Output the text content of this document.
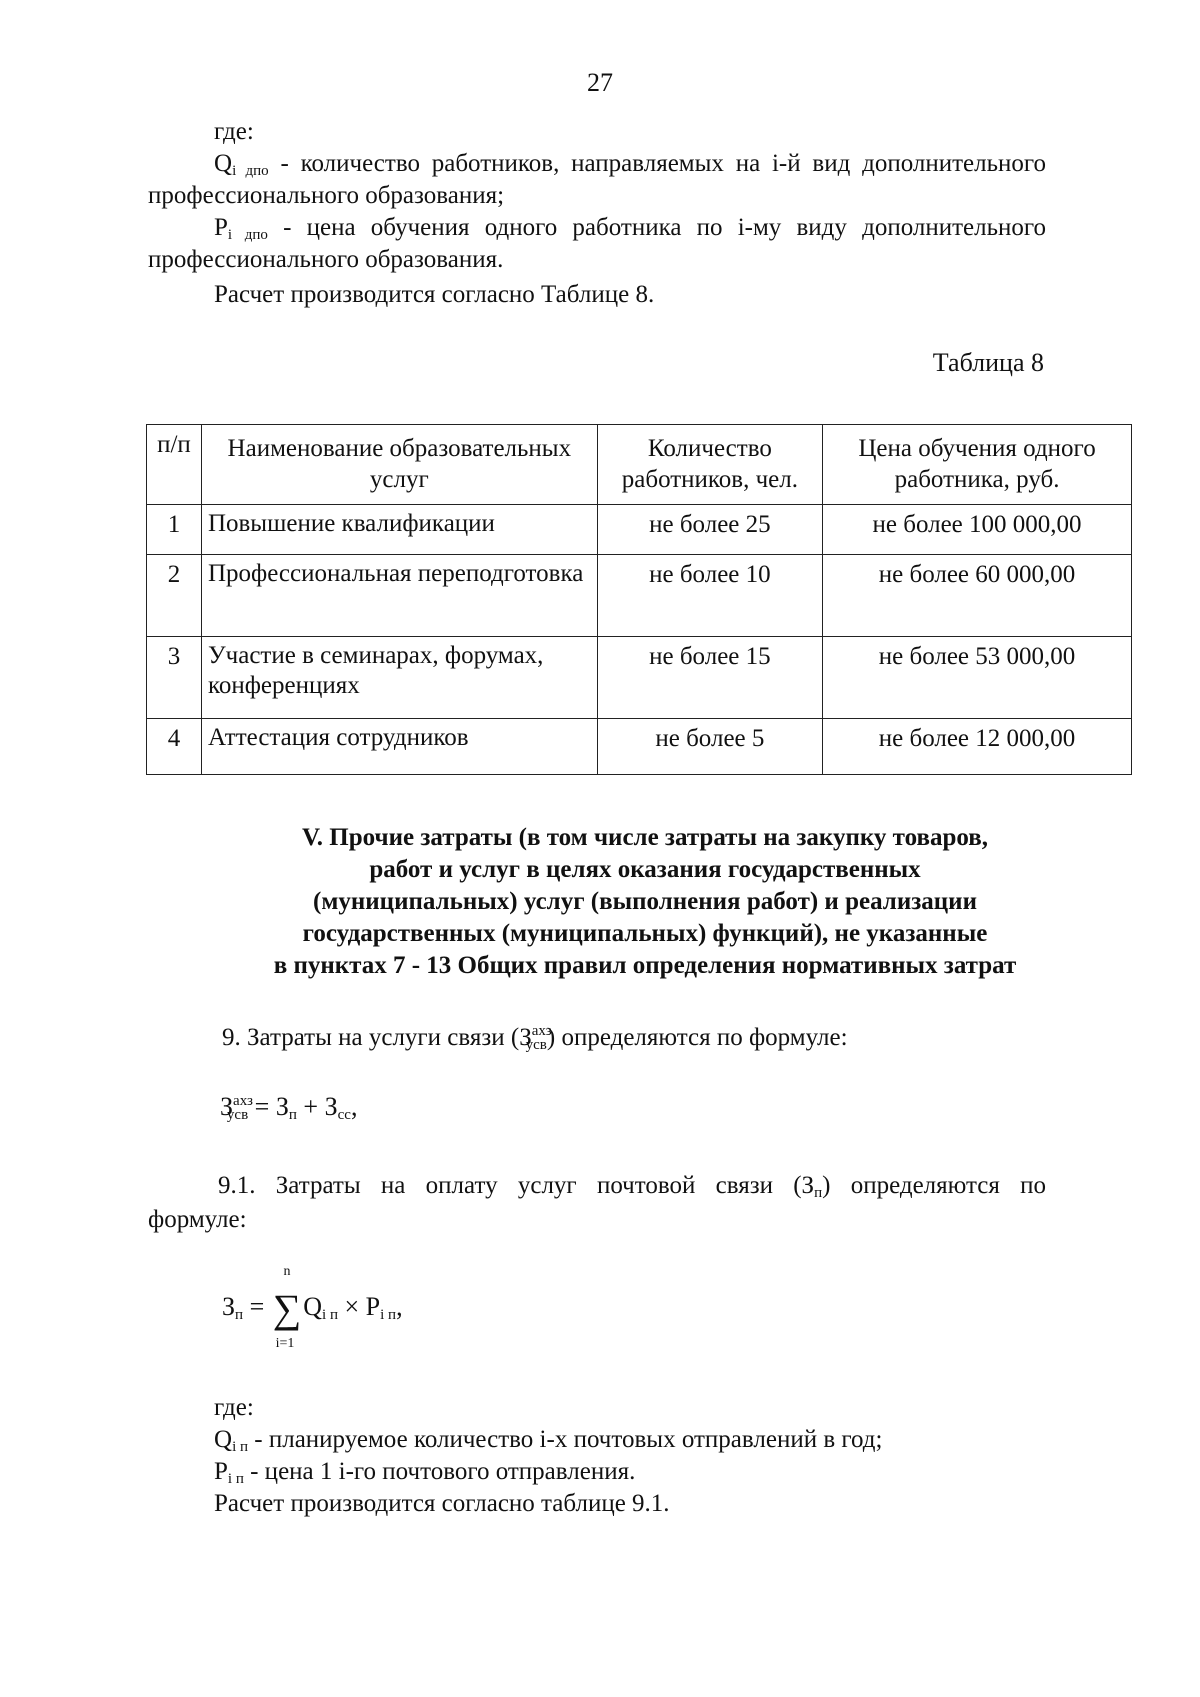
27
где:
$Q_{i дпо}$ - количество работников, направляемых на i-й вид дополнительного
профессионального образования;
$P_{i дпо}$ - цена обучения одного работника по i-му виду дополнительного
профессионального образования.
Расчет производится согласно Таблице 8.
Таблица 8
п/п	Наименование образовательных услуг	Количество работников, чел.	Цена обучения одного работника, руб.
1	Повышение квалификации	не более 25	не более 100 000,00
2	Профессиональная переподготовка	не более 10	не более 60 000,00
3	Участие в семинарах, форумах, конференциях	не более 15	не более 53 000,00
4	Аттестация сотрудников	не более 5	не более 12 000,00
V. Прочие затраты (в том числе затраты на закупку товаров,
работ и услуг в целях оказания государственных
(муниципальных) услуг (выполнения работ) и реализации
государственных (муниципальных) функций), не указанные
в пунктах 7 - 13 Общих правил определения нормативных затрат
9. Затраты на услуги связи $(З^{ахз}_{усв})$ определяются по формуле:
$З^{ахз}_{усв} = З_п + З_{сс}$,
9.1. Затраты на оплату услуг почтовой связи $(З_п)$ определяются по
формуле:
$З_п$ = ∑
n
i=1
$Q_{i п} \times P_{i п}$,
где:
$Q_{i п}$ - планируемое количество i-х почтовых отправлений в год;
$P_{i п}$ - цена 1 i-го почтового отправления.
Расчет производится согласно таблице 9.1.
